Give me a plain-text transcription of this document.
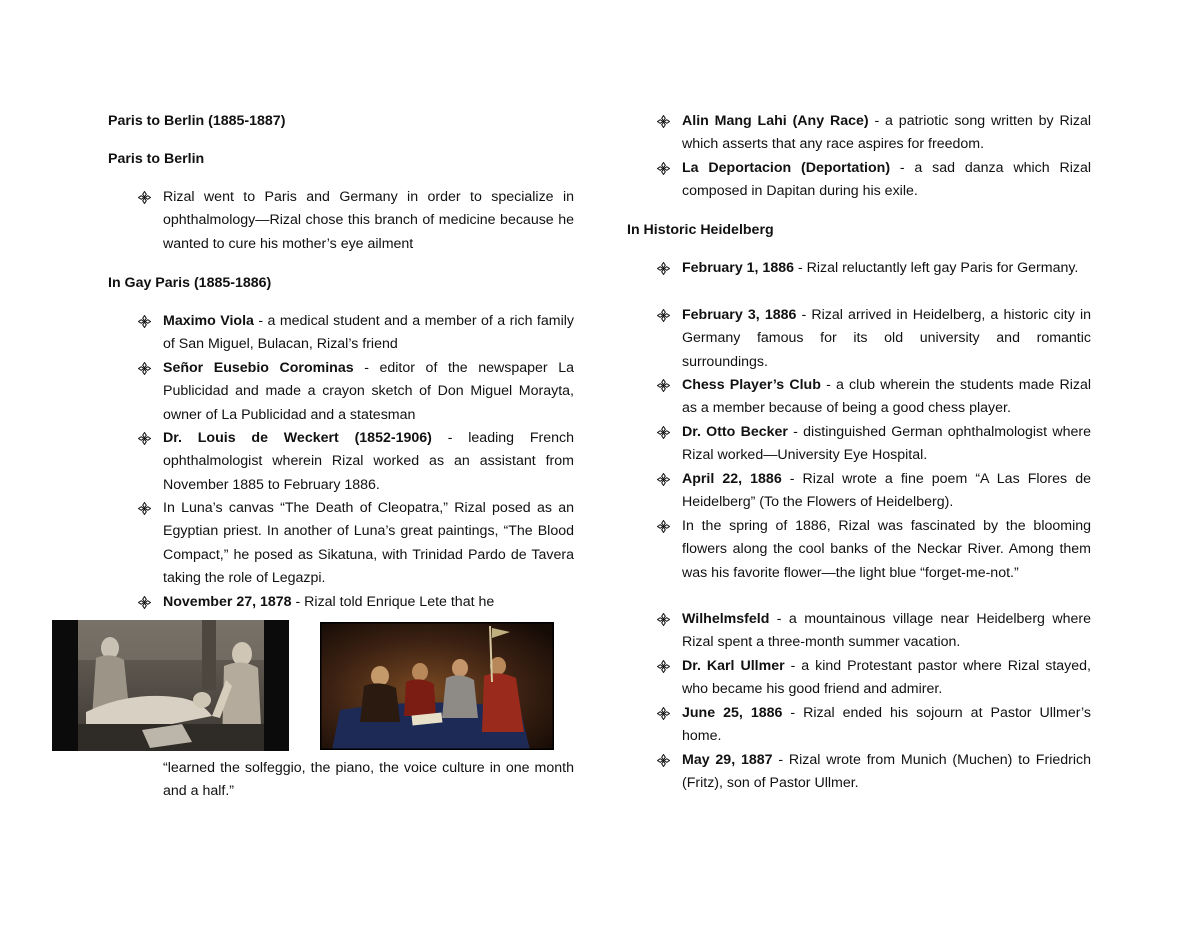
Paris to Berlin (1885-1887)
Paris to Berlin
Rizal went to Paris and Germany in order to specialize in ophthalmology—Rizal chose this branch of medicine because he wanted to cure his mother’s eye ailment
In Gay Paris (1885-1886)
Maximo Viola - a medical student and a member of a rich family of San Miguel, Bulacan, Rizal’s friend
Señor Eusebio Corominas - editor of the newspaper La Publicidad and made a crayon sketch of Don Miguel Morayta, owner of La Publicidad and a statesman
Dr. Louis de Weckert (1852-1906) - leading French ophthalmologist wherein Rizal worked as an assistant from November 1885 to February 1886.
In Luna’s canvas “The Death of Cleopatra,” Rizal posed as an Egyptian priest. In another of Luna’s great paintings, “The Blood Compact,” he posed as Sikatuna, with Trinidad Pardo de Tavera taking the role of Legazpi.
November 27, 1878 - Rizal told Enrique Lete that he
“learned the solfeggio, the piano, the voice culture in one month and a half.”
Alin Mang Lahi (Any Race) - a patriotic song written by Rizal which asserts that any race aspires for freedom.
La Deportacion (Deportation) - a sad danza which Rizal composed in Dapitan during his exile.
In Historic Heidelberg
February 1, 1886 - Rizal reluctantly left gay Paris for Germany.
February 3, 1886 - Rizal arrived in Heidelberg, a historic city in Germany famous for its old university and romantic surroundings.
Chess Player’s Club - a club wherein the students made Rizal as a member because of being a good chess player.
Dr. Otto Becker - distinguished German ophthalmologist where Rizal worked—University Eye Hospital.
April 22, 1886 - Rizal wrote a fine poem “A Las Flores de Heidelberg” (To the Flowers of Heidelberg).
In the spring of 1886, Rizal was fascinated by the blooming flowers along the cool banks of the Neckar River. Among them was his favorite flower—the light blue “forget-me-not.”
Wilhelmsfeld - a mountainous village near Heidelberg where Rizal spent a three-month summer vacation.
Dr. Karl Ullmer - a kind Protestant pastor where Rizal stayed, who became his good friend and admirer.
June 25, 1886 - Rizal ended his sojourn at Pastor Ullmer’s home.
May 29, 1887 - Rizal wrote from Munich (Muchen) to Friedrich (Fritz), son of Pastor Ullmer.
